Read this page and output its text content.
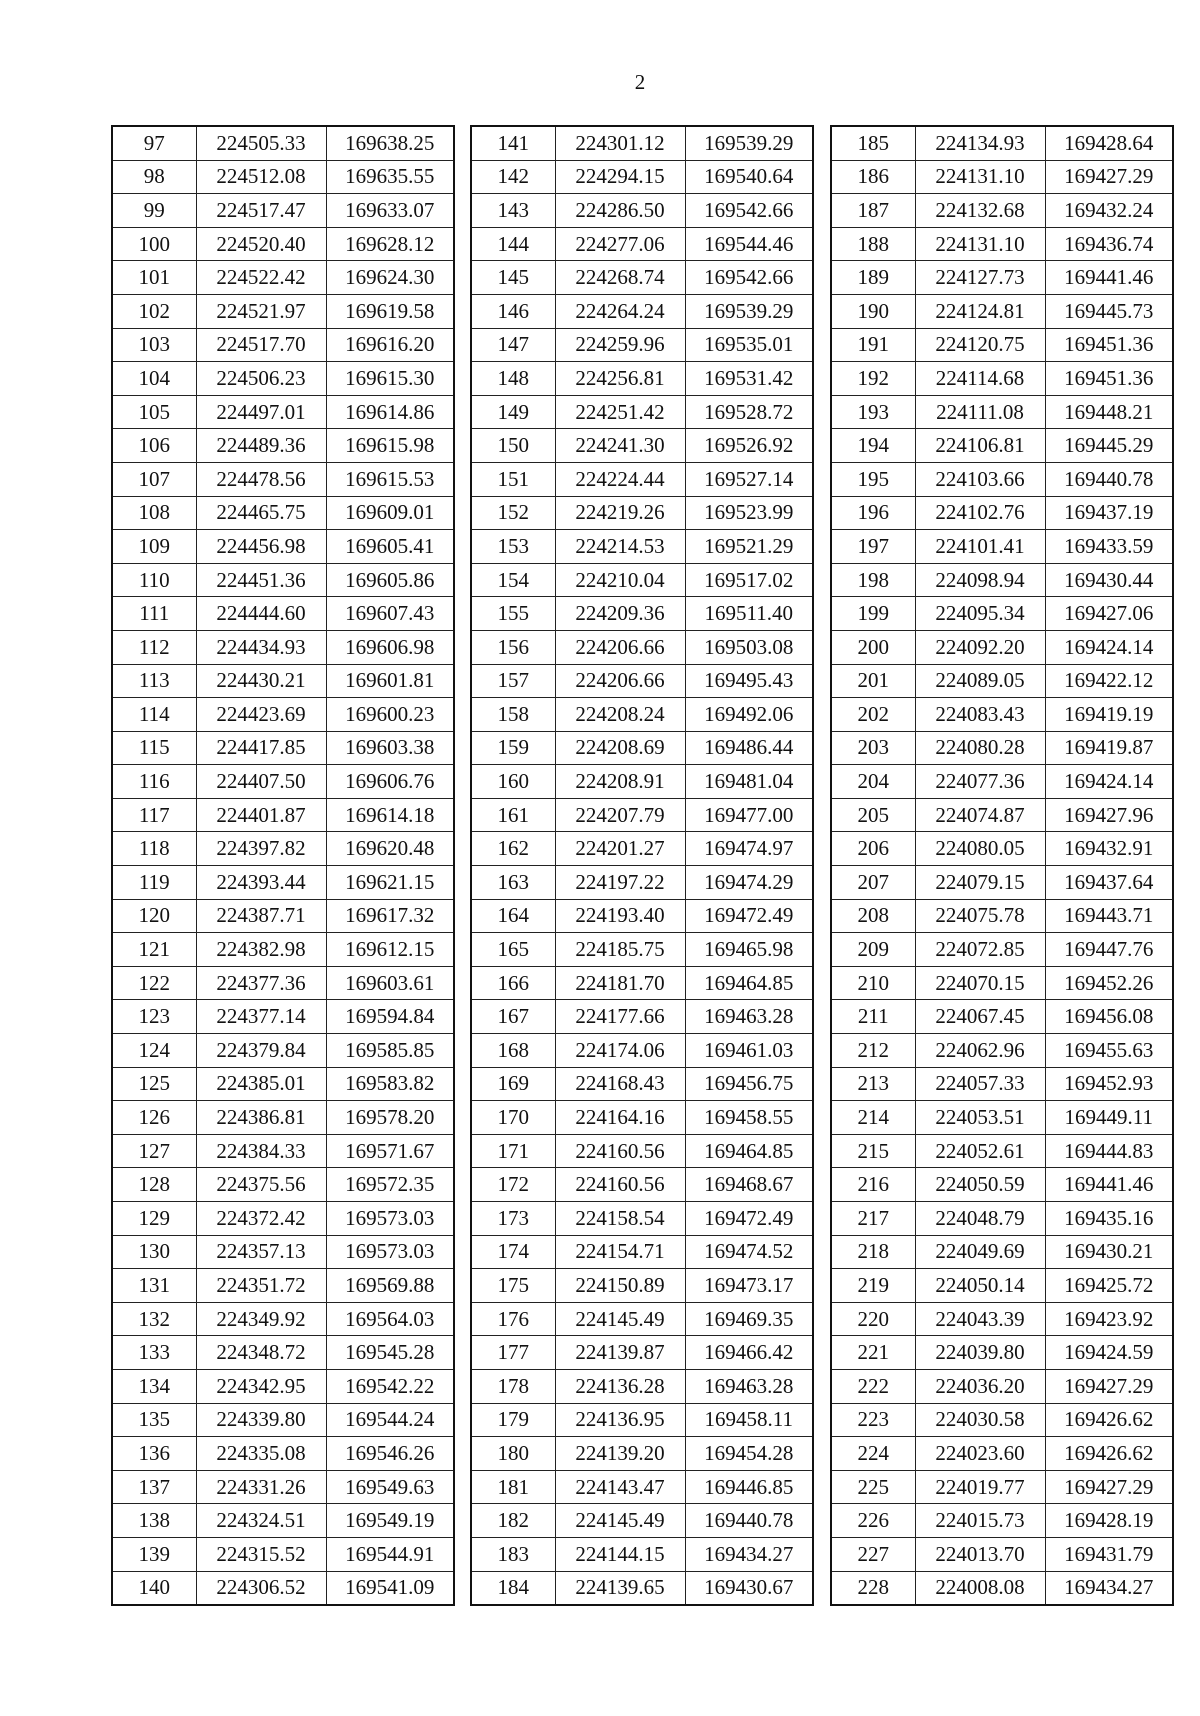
2
97	224505.33	169638.25
98	224512.08	169635.55
99	224517.47	169633.07
100	224520.40	169628.12
101	224522.42	169624.30
102	224521.97	169619.58
103	224517.70	169616.20
104	224506.23	169615.30
105	224497.01	169614.86
106	224489.36	169615.98
107	224478.56	169615.53
108	224465.75	169609.01
109	224456.98	169605.41
110	224451.36	169605.86
111	224444.60	169607.43
112	224434.93	169606.98
113	224430.21	169601.81
114	224423.69	169600.23
115	224417.85	169603.38
116	224407.50	169606.76
117	224401.87	169614.18
118	224397.82	169620.48
119	224393.44	169621.15
120	224387.71	169617.32
121	224382.98	169612.15
122	224377.36	169603.61
123	224377.14	169594.84
124	224379.84	169585.85
125	224385.01	169583.82
126	224386.81	169578.20
127	224384.33	169571.67
128	224375.56	169572.35
129	224372.42	169573.03
130	224357.13	169573.03
131	224351.72	169569.88
132	224349.92	169564.03
133	224348.72	169545.28
134	224342.95	169542.22
135	224339.80	169544.24
136	224335.08	169546.26
137	224331.26	169549.63
138	224324.51	169549.19
139	224315.52	169544.91
140	224306.52	169541.09
141	224301.12	169539.29
142	224294.15	169540.64
143	224286.50	169542.66
144	224277.06	169544.46
145	224268.74	169542.66
146	224264.24	169539.29
147	224259.96	169535.01
148	224256.81	169531.42
149	224251.42	169528.72
150	224241.30	169526.92
151	224224.44	169527.14
152	224219.26	169523.99
153	224214.53	169521.29
154	224210.04	169517.02
155	224209.36	169511.40
156	224206.66	169503.08
157	224206.66	169495.43
158	224208.24	169492.06
159	224208.69	169486.44
160	224208.91	169481.04
161	224207.79	169477.00
162	224201.27	169474.97
163	224197.22	169474.29
164	224193.40	169472.49
165	224185.75	169465.98
166	224181.70	169464.85
167	224177.66	169463.28
168	224174.06	169461.03
169	224168.43	169456.75
170	224164.16	169458.55
171	224160.56	169464.85
172	224160.56	169468.67
173	224158.54	169472.49
174	224154.71	169474.52
175	224150.89	169473.17
176	224145.49	169469.35
177	224139.87	169466.42
178	224136.28	169463.28
179	224136.95	169458.11
180	224139.20	169454.28
181	224143.47	169446.85
182	224145.49	169440.78
183	224144.15	169434.27
184	224139.65	169430.67
185	224134.93	169428.64
186	224131.10	169427.29
187	224132.68	169432.24
188	224131.10	169436.74
189	224127.73	169441.46
190	224124.81	169445.73
191	224120.75	169451.36
192	224114.68	169451.36
193	224111.08	169448.21
194	224106.81	169445.29
195	224103.66	169440.78
196	224102.76	169437.19
197	224101.41	169433.59
198	224098.94	169430.44
199	224095.34	169427.06
200	224092.20	169424.14
201	224089.05	169422.12
202	224083.43	169419.19
203	224080.28	169419.87
204	224077.36	169424.14
205	224074.87	169427.96
206	224080.05	169432.91
207	224079.15	169437.64
208	224075.78	169443.71
209	224072.85	169447.76
210	224070.15	169452.26
211	224067.45	169456.08
212	224062.96	169455.63
213	224057.33	169452.93
214	224053.51	169449.11
215	224052.61	169444.83
216	224050.59	169441.46
217	224048.79	169435.16
218	224049.69	169430.21
219	224050.14	169425.72
220	224043.39	169423.92
221	224039.80	169424.59
222	224036.20	169427.29
223	224030.58	169426.62
224	224023.60	169426.62
225	224019.77	169427.29
226	224015.73	169428.19
227	224013.70	169431.79
228	224008.08	169434.27
